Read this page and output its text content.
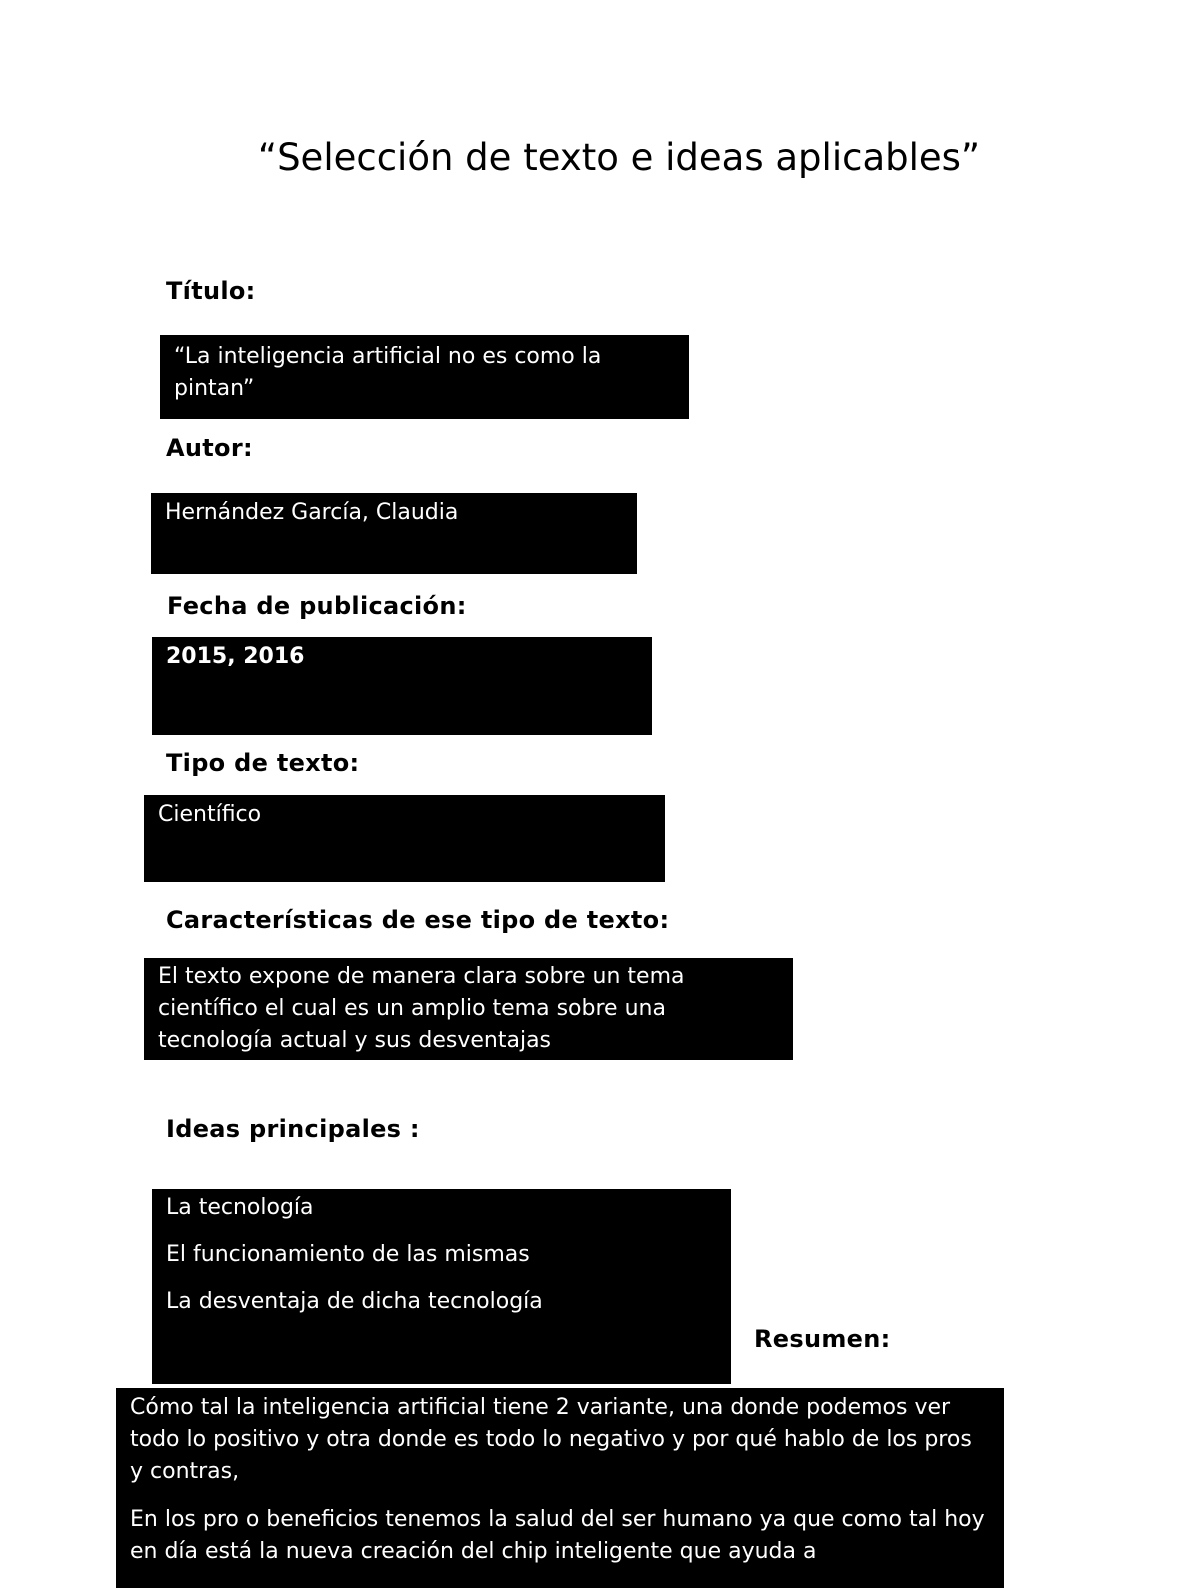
“Selección de texto e ideas aplicables”
Título:

“La inteligencia artificial no es como la pintan”

Autor:

Hernández García, Claudia

Fecha de publicación:

2015, 2016

Tipo de texto:

Científico

Características de ese tipo de texto:

El texto expone de manera clara sobre un tema científico el cual es un amplio tema sobre una tecnología actual y sus desventajas

Ideas principales :

La tecnología

El funcionamiento de las mismas

La desventaja de dicha tecnología

Resumen:

Cómo tal la inteligencia artificial tiene 2 variante, una donde podemos ver todo lo positivo y otra donde es todo lo negativo y por qué hablo de los pros y contras,

En los pro o beneficios tenemos la salud del ser humano ya que como tal hoy en día está la nueva creación del chip inteligente que ayuda a
